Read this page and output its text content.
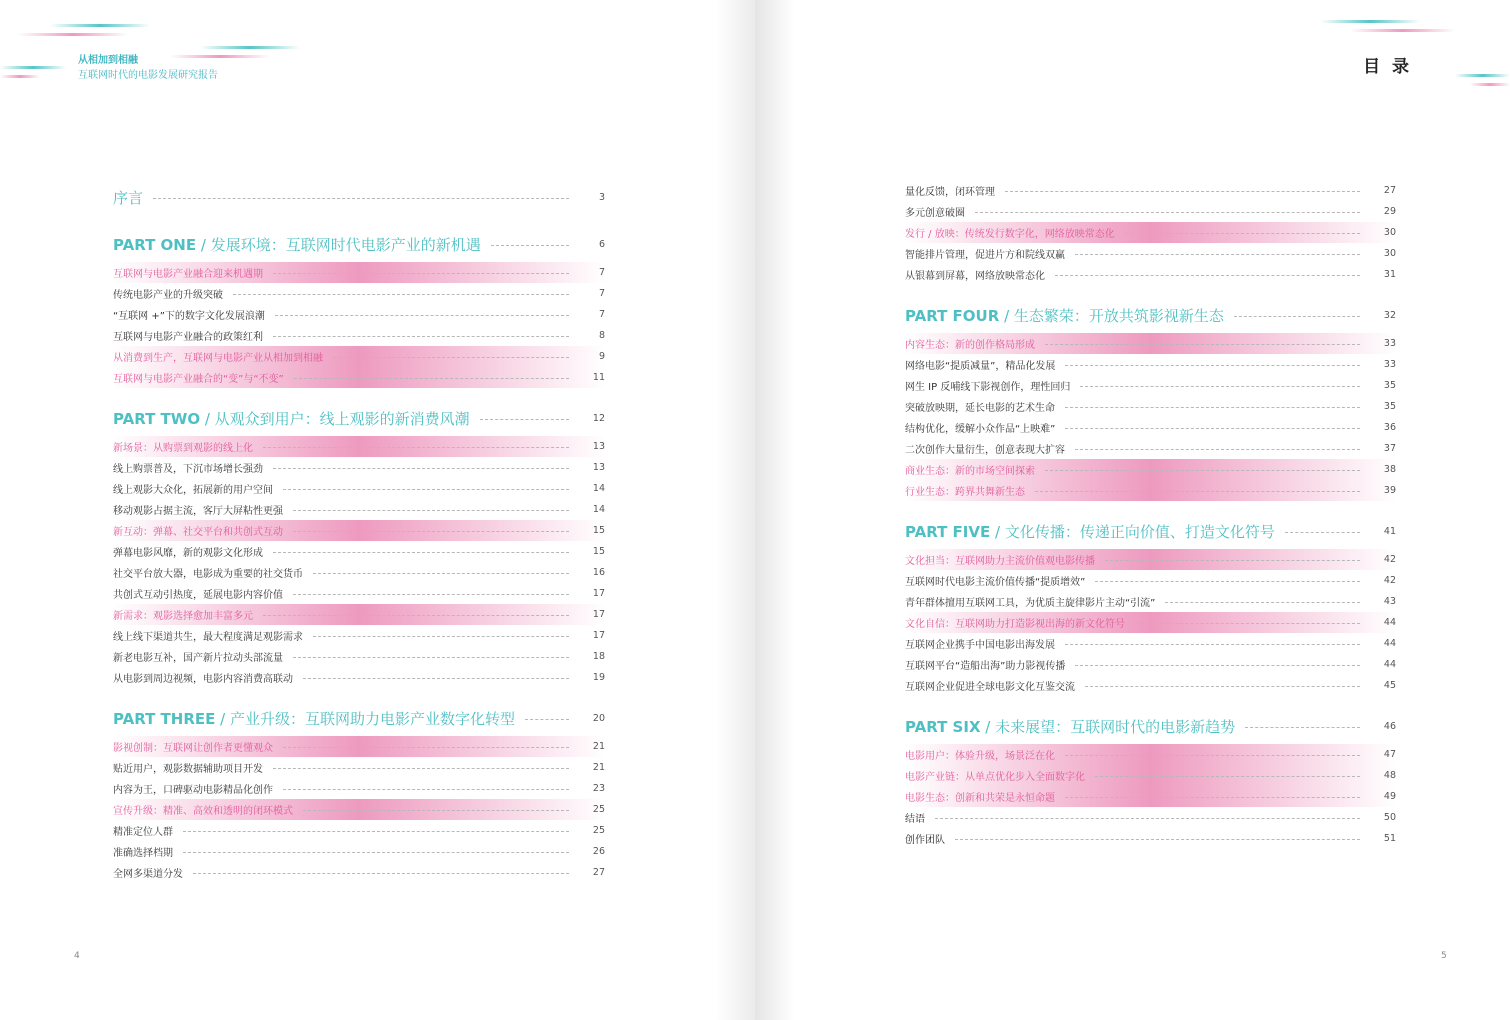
从相加到相融
互联网时代的电影发展研究报告
序言	3
PART ONE / 发展环境：互联网时代电影产业的新机遇	6
互联网与电影产业融合迎来机遇期	7
传统电影产业的升级突破	7
“互联网 +”下的数字文化发展浪潮	7
互联网与电影产业融合的政策红利	8
从消费到生产，互联网与电影产业从相加到相融	9
互联网与电影产业融合的“变”与“不变”	11
PART TWO / 从观众到用户：线上观影的新消费风潮	12
新场景：从购票到观影的线上化	13
线上购票普及，下沉市场增长强劲	13
线上观影大众化，拓展新的用户空间	14
移动观影占据主流，客厅大屏粘性更强	14
新互动：弹幕、社交平台和共创式互动	15
弹幕电影风靡，新的观影文化形成	15
社交平台放大器，电影成为重要的社交货币	16
共创式互动引热度，延展电影内容价值	17
新需求：观影选择愈加丰富多元	17
线上线下渠道共生，最大程度满足观影需求	17
新老电影互补，国产新片拉动头部流量	18
从电影到周边视频，电影内容消费高联动	19
PART THREE / 产业升级：互联网助力电影产业数字化转型	20
影视创制：互联网让创作者更懂观众	21
贴近用户，观影数据辅助项目开发	21
内容为王，口碑驱动电影精品化创作	23
宣传升级：精准、高效和透明的闭环模式	25
精准定位人群	25
准确选择档期	26
全网多渠道分发	27
4
目 录
量化反馈，闭环管理	27
多元创意破圈	29
发行 / 放映：传统发行数字化，网络放映常态化	30
智能排片管理，促进片方和院线双赢	30
从银幕到屏幕，网络放映常态化	31
PART FOUR / 生态繁荣：开放共筑影视新生态	32
内容生态：新的创作格局形成	33
网络电影“提质减量”，精品化发展	33
网生 IP 反哺线下影视创作，理性回归	35
突破放映期，延长电影的艺术生命	35
结构优化，缓解小众作品“上映难”	36
二次创作大量衍生，创意表现大扩容	37
商业生态：新的市场空间探索	38
行业生态：跨界共舞新生态	39
PART FIVE / 文化传播：传递正向价值、打造文化符号	41
文化担当：互联网助力主流价值观电影传播	42
互联网时代电影主流价值传播“提质增效”	42
青年群体擅用互联网工具，为优质主旋律影片主动“引流”	43
文化自信：互联网助力打造影视出海的新文化符号	44
互联网企业携手中国电影出海发展	44
互联网平台“造船出海”助力影视传播	44
互联网企业促进全球电影文化互鉴交流	45
PART SIX / 未来展望：互联网时代的电影新趋势	46
电影用户：体验升级，场景泛在化	47
电影产业链：从单点优化步入全面数字化	48
电影生态：创新和共荣是永恒命题	49
结语	50
创作团队	51
5
